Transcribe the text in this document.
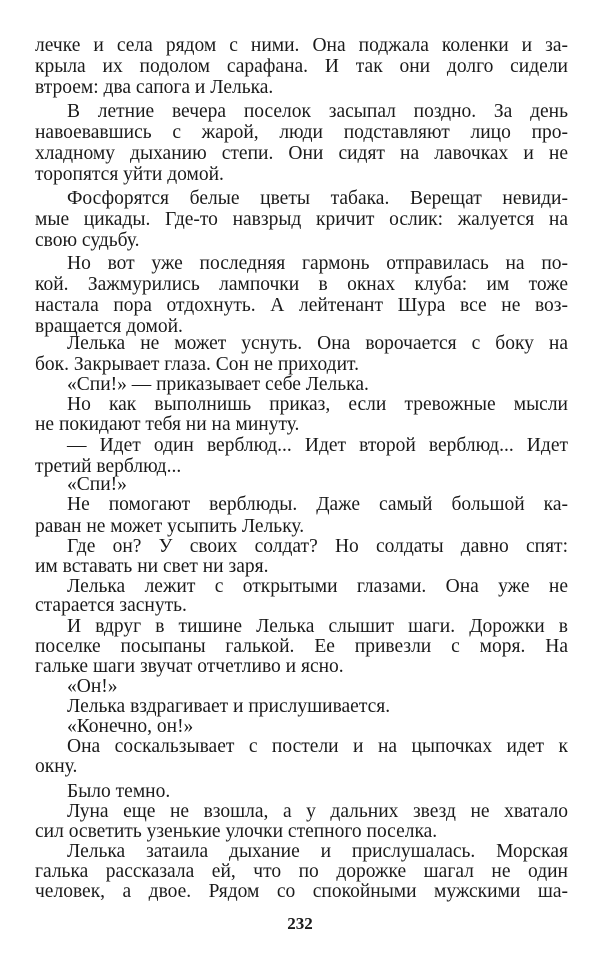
лечке и села рядом с ними. Она поджала коленки и за-
крыла их подолом сарафана. И так они долго сидели
втроем: два сапога и Лелька.
В летние вечера поселок засыпал поздно. За день
навоевавшись с жарой, люди подставляют лицо про-
хладному дыханию степи. Они сидят на лавочках и не
торопятся уйти домой.
Фосфорятся белые цветы табака. Верещат невиди-
мые цикады. Где-то навзрыд кричит ослик: жалуется на
свою судьбу.
Но вот уже последняя гармонь отправилась на по-
кой. Зажмурились лампочки в окнах клуба: им тоже
настала пора отдохнуть. А лейтенант Шура все не воз-
вращается домой.
Лелька не может уснуть. Она ворочается с боку на
бок. Закрывает глаза. Сон не приходит.
«Спи!» — приказывает себе Лелька.
Но как выполнишь приказ, если тревожные мысли
не покидают тебя ни на минуту.
— Идет один верблюд... Идет второй верблюд... Идет
третий верблюд...
«Спи!»
Не помогают верблюды. Даже самый большой ка-
раван не может усыпить Лельку.
Где он? У своих солдат? Но солдаты давно спят:
им вставать ни свет ни заря.
Лелька лежит с открытыми глазами. Она уже не
старается заснуть.
И вдруг в тишине Лелька слышит шаги. Дорожки в
поселке посыпаны галькой. Ее привезли с моря. На
гальке шаги звучат отчетливо и ясно.
«Он!»
Лелька вздрагивает и прислушивается.
«Конечно, он!»
Она соскальзывает с постели и на цыпочках идет к
окну.
Было темно.
Луна еще не взошла, а у дальних звезд не хватало
сил осветить узенькие улочки степного поселка.
Лелька затаила дыхание и прислушалась. Морская
галька рассказала ей, что по дорожке шагал не один
человек, а двое. Рядом со спокойными мужскими ша-
232
